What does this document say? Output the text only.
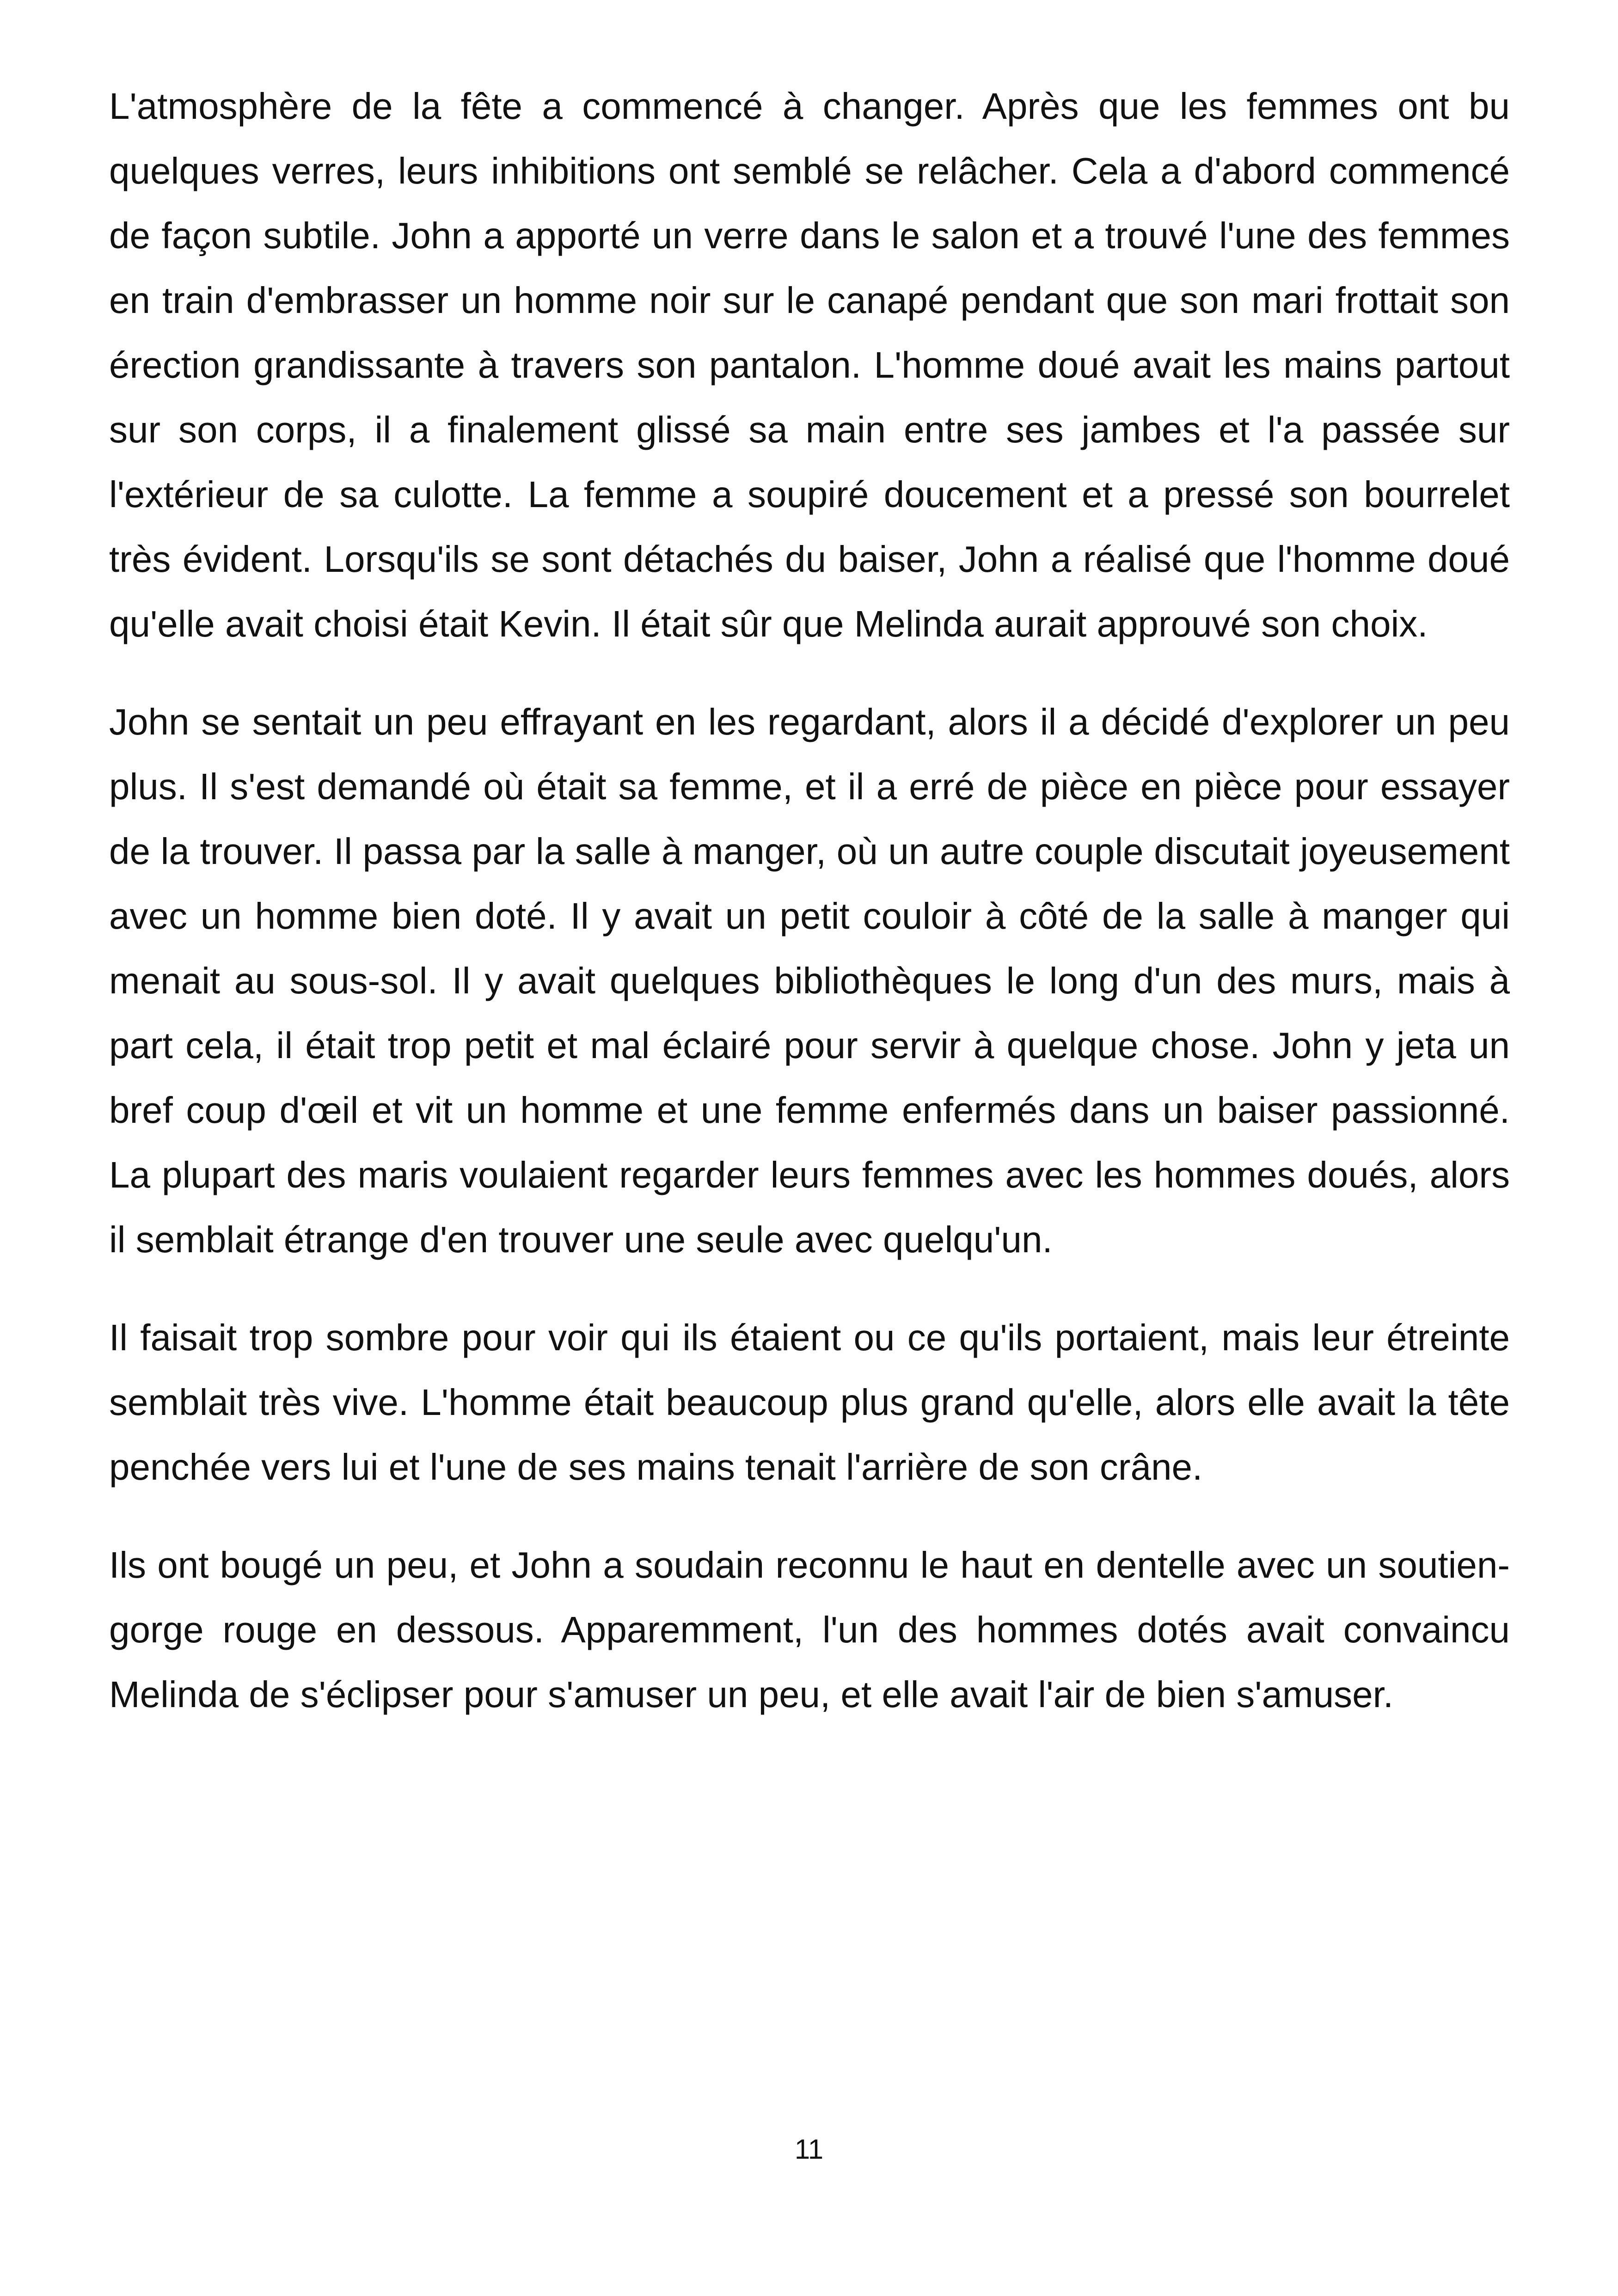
L'atmosphère de la fête a commencé à changer. Après que les femmes ont bu quelques verres, leurs inhibitions ont semblé se relâcher. Cela a d'abord commencé de façon subtile. John a apporté un verre dans le salon et a trouvé l'une des femmes en train d'embrasser un homme noir sur le canapé pendant que son mari frottait son érection grandissante à travers son pantalon. L'homme doué avait les mains partout sur son corps, il a finalement glissé sa main entre ses jambes et l'a passée sur l'extérieur de sa culotte. La femme a soupiré doucement et a pressé son bourrelet très évident. Lorsqu'ils se sont détachés du baiser, John a réalisé que l'homme doué qu'elle avait choisi était Kevin. Il était sûr que Melinda aurait approuvé son choix.

John se sentait un peu effrayant en les regardant, alors il a décidé d'explorer un peu plus. Il s'est demandé où était sa femme, et il a erré de pièce en pièce pour essayer de la trouver. Il passa par la salle à manger, où un autre couple discutait joyeusement avec un homme bien doté. Il y avait un petit couloir à côté de la salle à manger qui menait au sous-sol. Il y avait quelques bibliothèques le long d'un des murs, mais à part cela, il était trop petit et mal éclairé pour servir à quelque chose. John y jeta un bref coup d'œil et vit un homme et une femme enfermés dans un baiser passionné. La plupart des maris voulaient regarder leurs femmes avec les hommes doués, alors il semblait étrange d'en trouver une seule avec quelqu'un.

Il faisait trop sombre pour voir qui ils étaient ou ce qu'ils portaient, mais leur étreinte semblait très vive. L'homme était beaucoup plus grand qu'elle, alors elle avait la tête penchée vers lui et l'une de ses mains tenait l'arrière de son crâne.

Ils ont bougé un peu, et John a soudain reconnu le haut en dentelle avec un soutien-gorge rouge en dessous. Apparemment, l'un des hommes dotés avait convaincu Melinda de s'éclipser pour s'amuser un peu, et elle avait l'air de bien s'amuser.

11
